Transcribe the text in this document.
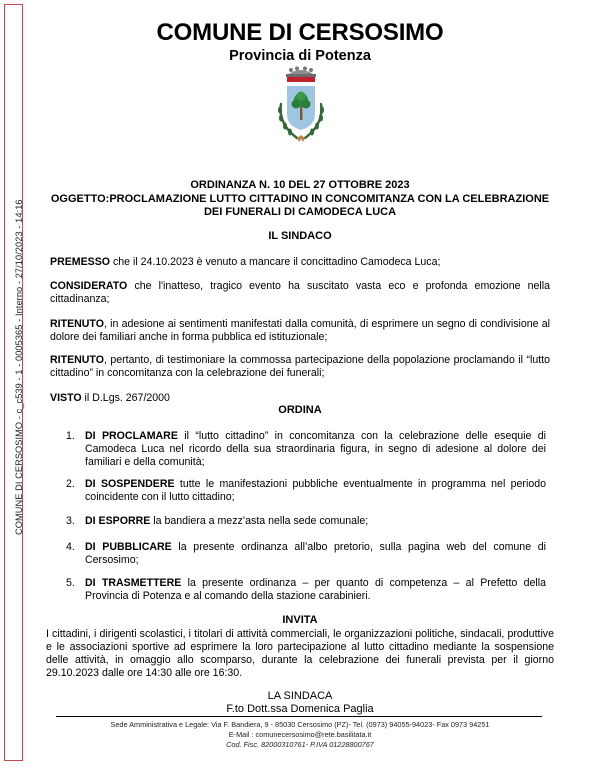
COMUNE DI CERSOSIMO - c_c539 - 1 - 0005365 - Interno - 27/10/2023 - 14:16
COMUNE DI CERSOSIMO
Provincia di Potenza
ORDINANZA N. 10 DEL 27 OTTOBRE 2023
OGGETTO:PROCLAMAZIONE LUTTO CITTADINO IN CONCOMITANZA CON LA CELEBRAZIONE
DEI FUNERALI DI CAMODECA LUCA
IL SINDACO
PREMESSO che il 24.10.2023 è venuto a mancare il concittadino Camodeca Luca;
CONSIDERATO che l'inatteso, tragico evento ha suscitato vasta eco e profonda emozione nella cittadinanza;
RITENUTO, in adesione ai sentimenti manifestati dalla comunità, di esprimere un segno di condivisione al dolore dei familiari anche in forma pubblica ed istituzionale;
RITENUTO, pertanto, di testimoniare la commossa partecipazione della popolazione proclamando il “lutto cittadino” in concomitanza con la celebrazione dei funerali;
VISTO il D.Lgs. 267/2000
ORDINA
1. DI PROCLAMARE il “lutto cittadino” in concomitanza con la celebrazione delle esequie di Camodeca Luca nel ricordo della sua straordinaria figura, in segno di adesione al dolore dei familiari e della comunità;
2. DI SOSPENDERE tutte le manifestazioni pubbliche eventualmente in programma nel periodo coincidente con il lutto cittadino;
3. DI ESPORRE la bandiera a mezz’asta nella sede comunale;
4. DI PUBBLICARE la presente ordinanza all’albo pretorio, sulla pagina web del comune di Cersosimo;
5. DI TRASMETTERE la presente ordinanza – per quanto di competenza – al Prefetto della Provincia di Potenza e al comando della stazione carabinieri.
INVITA
I cittadini, i dirigenti scolastici, i titolari di attività commerciali, le organizzazioni politiche, sindacali, produttive e le associazioni sportive ad esprimere la loro partecipazione al lutto cittadino mediante la sospensione delle attività, in omaggio allo scomparso, durante la celebrazione dei funerali prevista per il giorno 29.10.2023 dalle ore 14:30 alle ore 16:30.
LA SINDACA
F.to Dott.ssa Domenica Paglia
Sede Amministrativa e Legale: Via F. Bandiera, 9 - 85030 Cersosimo (PZ)- Tel. (0973) 94055-94023- Fax 0973 94251
E-Mail : comunecersosimo@rete.basilitata.it
Cod. Fisc. 82000310761- P.IVA 01228800767
